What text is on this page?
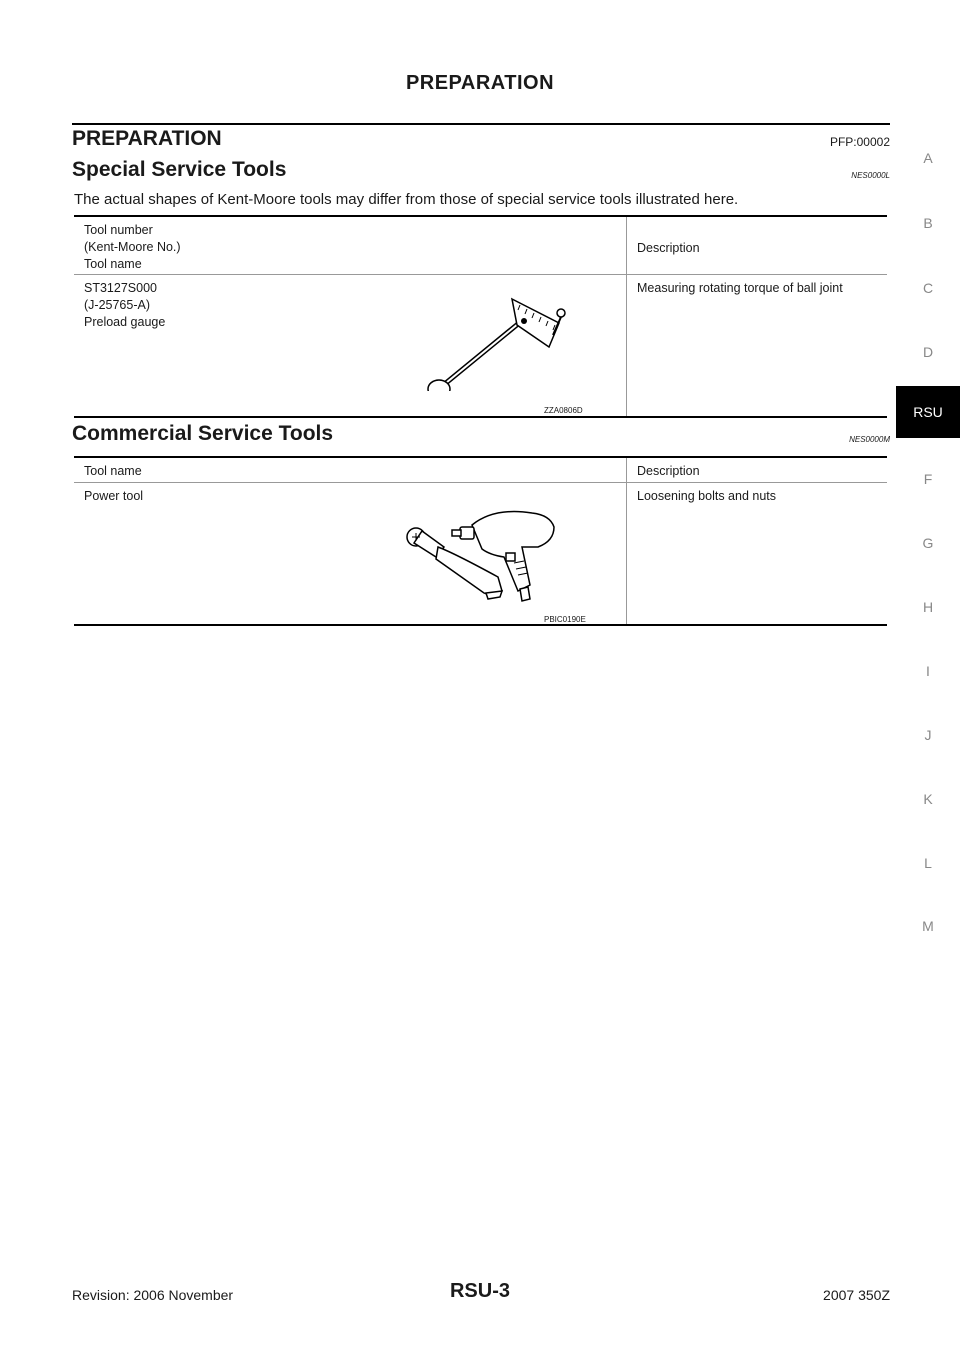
PREPARATION
PREPARATION	PFP:00002
Special Service Tools	NES0000L
The actual shapes of Kent-Moore tools may differ from those of special service tools illustrated here.
Tool number
(Kent-Moore No.)
Tool name	Description

ST3127S000
(J-25765-A)
Preload gauge
ZZA0806D	Measuring rotating torque of ball joint
Commercial Service Tools	NES0000M
Tool name	Description

Power tool
PBIC0190E	Loosening bolts and nuts
A
B
C
D
RSU
F
G
H
I
J
K
L
M
Revision: 2006 November	RSU-3	2007 350Z
